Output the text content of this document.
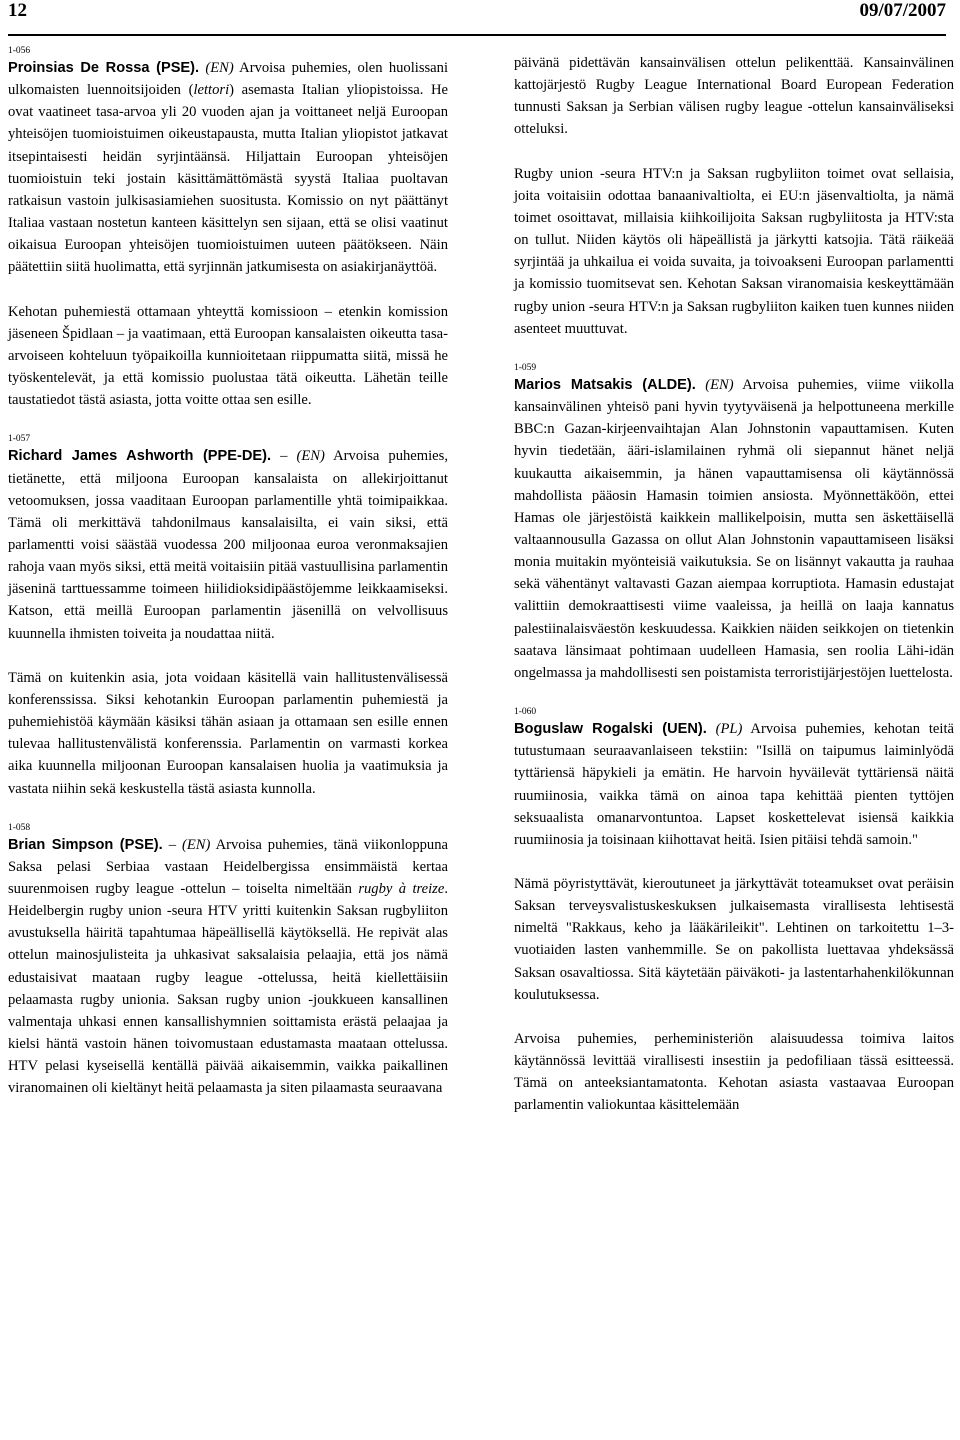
12	09/07/2007
1-056

Proinsias De Rossa (PSE). (EN) Arvoisa puhemies, olen huolissani ulkomaisten luennoitsijoiden (lettori) asemasta Italian yliopistoissa. He ovat vaatineet tasa-arvoa yli 20 vuoden ajan ja voittaneet neljä Euroopan yhteisöjen tuomioistuimen oikeustapausta, mutta Italian yliopistot jatkavat itsepintaisesti heidän syrjintäänsä. Hiljattain Euroopan yhteisöjen tuomioistuin teki jostain käsittämättömästä syystä Italiaa puoltavan ratkaisun vastoin julkisasiamiehen suositusta. Komissio on nyt päättänyt Italiaa vastaan nostetun kanteen käsittelyn sen sijaan, että se olisi vaatinut oikaisua Euroopan yhteisöjen tuomioistuimen uuteen päätökseen. Näin päätettiin siitä huolimatta, että syrjinnän jatkumisesta on asiakirjanäyttöä.

Kehotan puhemiestä ottamaan yhteyttä komissioon – etenkin komission jäseneen Špidlaan – ja vaatimaan, että Euroopan kansalaisten oikeutta tasa-arvoiseen kohteluun työpaikoilla kunnioitetaan riippumatta siitä, missä he työskentelevät, ja että komissio puolustaa tätä oikeutta. Lähetän teille taustatiedot tästä asiasta, jotta voitte ottaa sen esille.

1-057

Richard James Ashworth (PPE-DE). – (EN) Arvoisa puhemies, tietänette, että miljoona Euroopan kansalaista on allekirjoittanut vetoomuksen, jossa vaaditaan Euroopan parlamentille yhtä toimipaikkaa. Tämä oli merkittävä tahdonilmaus kansalaisilta, ei vain siksi, että parlamentti voisi säästää vuodessa 200 miljoonaa euroa veronmaksajien rahoja vaan myös siksi, että meitä voitaisiin pitää vastuullisina parlamentin jäseninä tarttuessamme toimeen hiilidioksidipäästöjemme leikkaamiseksi. Katson, että meillä Euroopan parlamentin jäsenillä on velvollisuus kuunnella ihmisten toiveita ja noudattaa niitä.

Tämä on kuitenkin asia, jota voidaan käsitellä vain hallitustenvälisessä konferenssissa. Siksi kehotankin Euroopan parlamentin puhemiestä ja puhemiehistöä käymään käsiksi tähän asiaan ja ottamaan sen esille ennen tulevaa hallitustenvälistä konferenssia. Parlamentin on varmasti korkea aika kuunnella miljoonan Euroopan kansalaisen huolia ja vaatimuksia ja vastata niihin sekä keskustella tästä asiasta kunnolla.

1-058

Brian Simpson (PSE). – (EN) Arvoisa puhemies, tänä viikonloppuna Saksa pelasi Serbiaa vastaan Heidelbergissa ensimmäistä kertaa suurenmoisen rugby league -ottelun – toiselta nimeltään rugby à treize. Heidelbergin rugby union -seura HTV yritti kuitenkin Saksan rugbyliiton avustuksella häiritä tapahtumaa häpeällisellä käytöksellä. He repivät alas ottelun mainosjulisteita ja uhkasivat saksalaisia pelaajia, että jos nämä edustaisivat maataan rugby league -ottelussa, heitä kiellettäisiin pelaamasta rugby unionia. Saksan rugby union -joukkueen kansallinen valmentaja uhkasi ennen kansallishymnien soittamista erästä pelaajaa ja kielsi häntä vastoin hänen toivomustaan edustamasta maataan ottelussa. HTV pelasi kyseisellä kentällä päivää aikaisemmin, vaikka paikallinen viranomainen oli kieltänyt heitä pelaamasta ja siten pilaamasta seuraavana

päivänä pidettävän kansainvälisen ottelun pelikenttää. Kansainvälinen kattojärjestö Rugby League International Board European Federation tunnusti Saksan ja Serbian välisen rugby league -ottelun kansainväliseksi otteluksi.

Rugby union -seura HTV:n ja Saksan rugbyliiton toimet ovat sellaisia, joita voitaisiin odottaa banaanivaltiolta, ei EU:n jäsenvaltiolta, ja nämä toimet osoittavat, millaisia kiihkoilijoita Saksan rugbyliitosta ja HTV:sta on tullut. Niiden käytös oli häpeällistä ja järkytti katsojia. Tätä räikeää syrjintää ja uhkailua ei voida suvaita, ja toivoakseni Euroopan parlamentti ja komissio tuomitsevat sen. Kehotan Saksan viranomaisia keskeyttämään rugby union -seura HTV:n ja Saksan rugbyliiton kaiken tuen kunnes niiden asenteet muuttuvat.

1-059

Marios Matsakis (ALDE). (EN) Arvoisa puhemies, viime viikolla kansainvälinen yhteisö pani hyvin tyytyväisenä ja helpottuneena merkille BBC:n Gazan-kirjeenvaihtajan Alan Johnstonin vapauttamisen. Kuten hyvin tiedetään, ääri-islamilainen ryhmä oli siepannut hänet neljä kuukautta aikaisemmin, ja hänen vapauttamisensa oli käytännössä mahdollista pääosin Hamasin toimien ansiosta. Myönnettäköön, ettei Hamas ole järjestöistä kaikkein mallikelpoisin, mutta sen äskettäisellä valtaannousulla Gazassa on ollut Alan Johnstonin vapauttamiseen lisäksi monia muitakin myönteisiä vaikutuksia. Se on lisännyt vakautta ja rauhaa sekä vähentänyt valtavasti Gazan aiempaa korruptiota. Hamasin edustajat valittiin demokraattisesti viime vaaleissa, ja heillä on laaja kannatus palestiinalaisväestön keskuudessa. Kaikkien näiden seikkojen on tietenkin saatava länsimaat pohtimaan uudelleen Hamasia, sen roolia Lähi-idän ongelmassa ja mahdollisesti sen poistamista terroristijärjestöjen luettelosta.

1-060

Boguslaw Rogalski (UEN). (PL) Arvoisa puhemies, kehotan teitä tutustumaan seuraavanlaiseen tekstiin: "Isillä on taipumus laiminlyödä tyttäriensä häpykieli ja emätin. He harvoin hyväilevät tyttäriensä näitä ruumiinosia, vaikka tämä on ainoa tapa kehittää pienten tyttöjen seksuaalista omanarvontuntoa. Lapset koskettelevat isiensä kaikkia ruumiinosia ja toisinaan kiihottavat heitä. Isien pitäisi tehdä samoin."

Nämä pöyristyttävät, kieroutuneet ja järkyttävät toteamukset ovat peräisin Saksan terveysvalistuskeskuksen julkaisemasta virallisesta lehtisestä nimeltä "Rakkaus, keho ja lääkärileikit". Lehtinen on tarkoitettu 1–3-vuotiaiden lasten vanhemmille. Se on pakollista luettavaa yhdeksässä Saksan osavaltiossa. Sitä käytetään päiväkoti- ja lastentarhahenkilökunnan koulutuksessa.

Arvoisa puhemies, perheministeriön alaisuudessa toimiva laitos käytännössä levittää virallisesti insestiin ja pedofiliaan tässä esitteessä. Tämä on anteeksiantamatonta. Kehotan asiasta vastaavaa Euroopan parlamentin valiokuntaa käsittelemään
